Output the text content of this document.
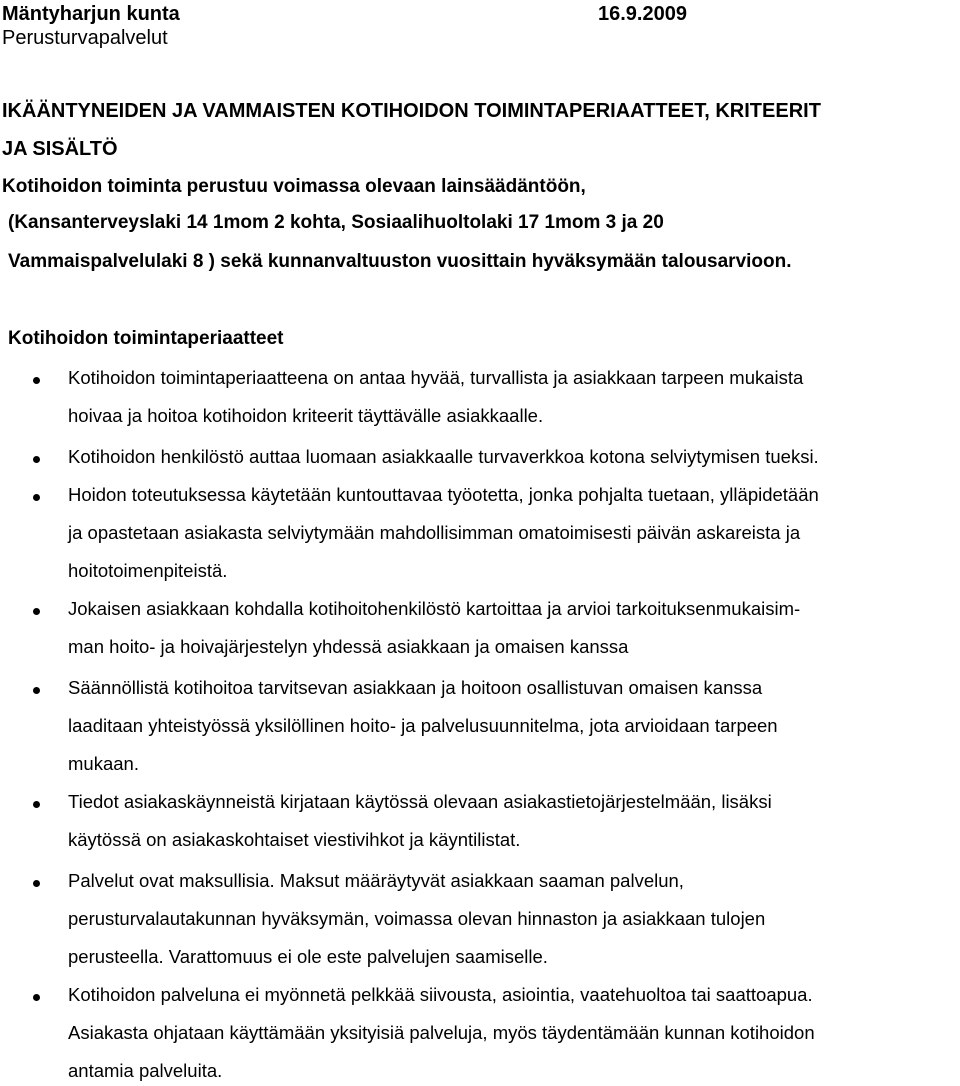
Mäntyharjun kunta	16.9.2009
Perusturvapalvelut
IKÄÄNTYNEIDEN JA VAMMAISTEN KOTIHOIDON TOIMINTAPERIAATTEET, KRITEERIT
JA SISÄLTÖ
Kotihoidon toiminta perustuu voimassa olevaan lainsäädäntöön,
(Kansanterveyslaki 14 1mom 2 kohta, Sosiaalihuoltolaki 17 1mom 3 ja 20
Vammaispalvelulaki 8 ) sekä kunnanvaltuuston vuosittain hyväksymään talousarvioon.
Kotihoidon toimintaperiaatteet
Kotihoidon toimintaperiaatteena on antaa hyvää, turvallista ja asiakkaan tarpeen mukaista
hoivaa ja hoitoa kotihoidon kriteerit täyttävälle asiakkaalle.
Kotihoidon henkilöstö auttaa luomaan asiakkaalle turvaverkkoa kotona selviytymisen tueksi.
Hoidon toteutuksessa käytetään kuntouttavaa työotetta, jonka pohjalta tuetaan, ylläpidetään
ja opastetaan asiakasta selviytymään mahdollisimman omatoimisesti päivän askareista ja
hoitotoimenpiteistä.
Jokaisen asiakkaan kohdalla kotihoitohenkilöstö kartoittaa ja arvioi tarkoituksenmukaisim-
man hoito- ja hoivajärjestelyn yhdessä asiakkaan ja omaisen kanssa
Säännöllistä kotihoitoa tarvitsevan asiakkaan ja hoitoon osallistuvan omaisen kanssa
laaditaan yhteistyössä yksilöllinen hoito- ja palvelusuunnitelma, jota arvioidaan tarpeen
mukaan.
Tiedot asiakaskäynneistä kirjataan käytössä olevaan asiakastietojärjestelmään, lisäksi
käytössä on asiakaskohtaiset viestivihkot ja käyntilistat.
Palvelut ovat maksullisia. Maksut määräytyvät asiakkaan saaman palvelun,
perusturvalautakunnan hyväksymän, voimassa olevan hinnaston ja asiakkaan tulojen
perusteella. Varattomuus ei ole este palvelujen saamiselle.
Kotihoidon palveluna ei myönnetä pelkkää siivousta, asiointia, vaatehuoltoa tai saattoapua.
Asiakasta ohjataan käyttämään yksityisiä palveluja, myös täydentämään kunnan kotihoidon
antamia palveluita.
